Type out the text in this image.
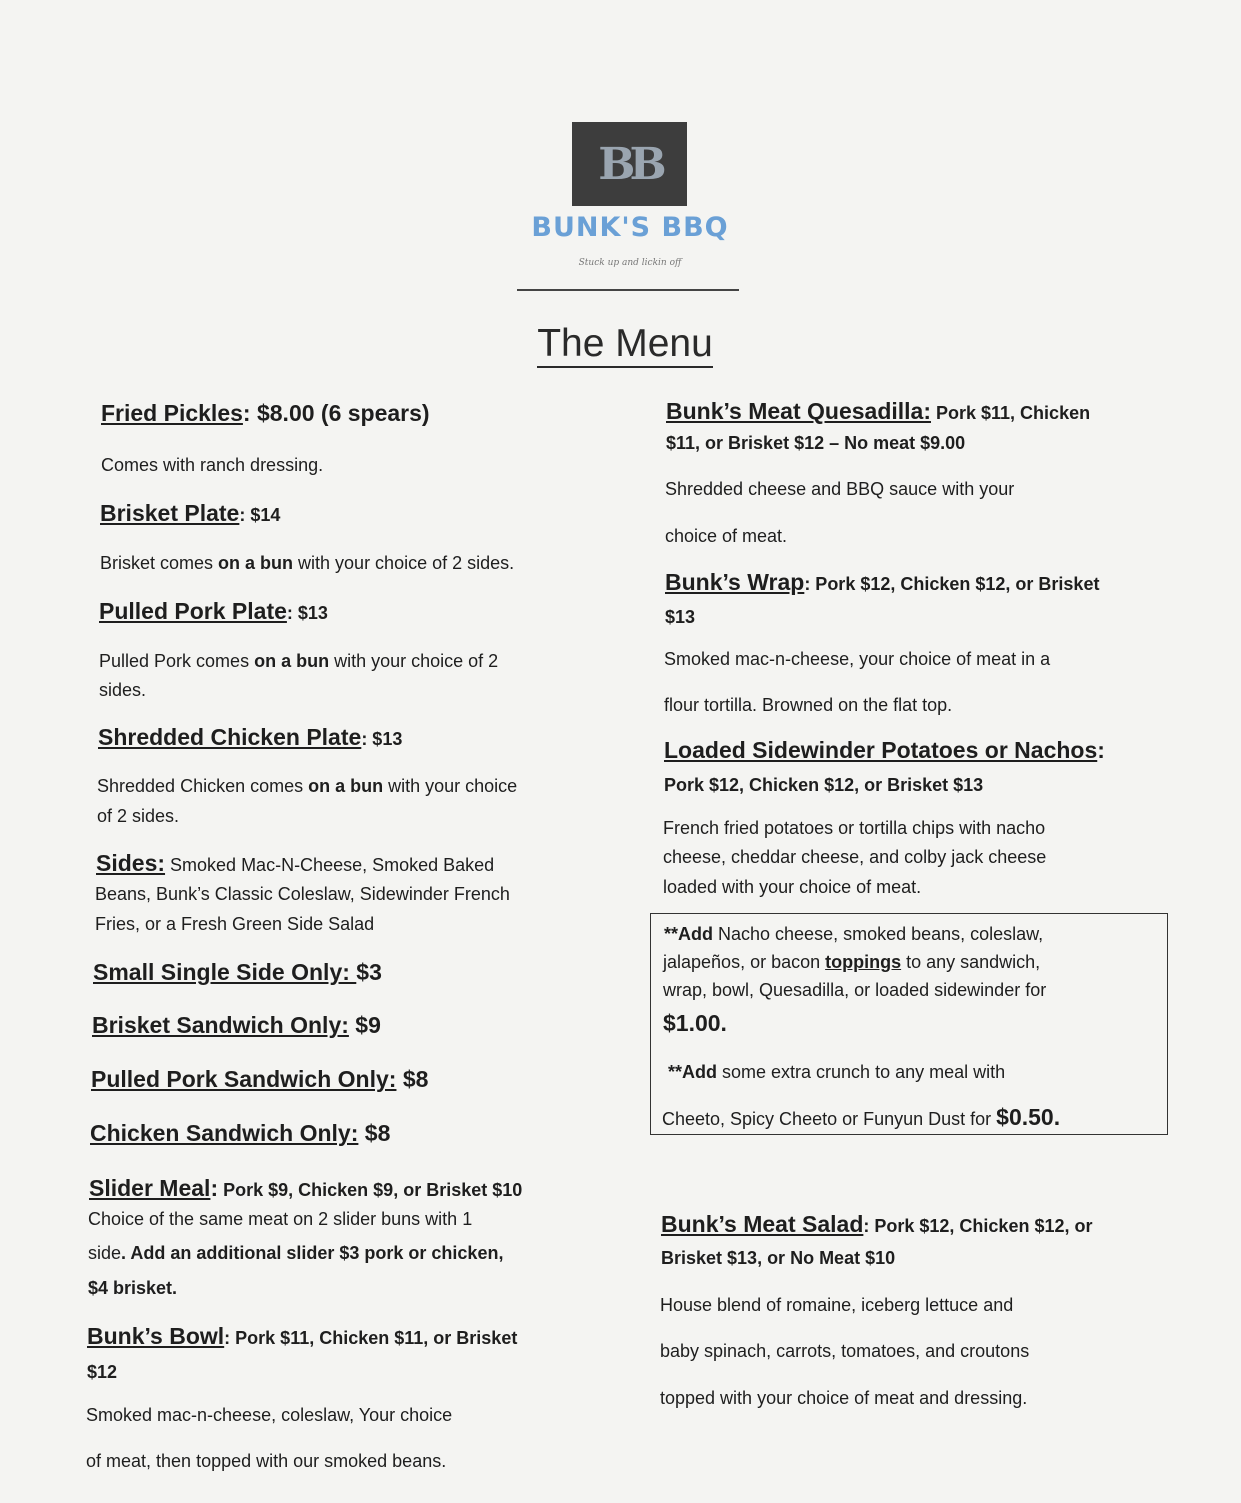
BB
BUNK'S BBQ
Stuck up and lickin off
The Menu
Fried Pickles: $8.00 (6 spears)
Comes with ranch dressing.
Brisket Plate: $14
Brisket comes on a bun with your choice of 2 sides.
Pulled Pork Plate: $13
Pulled Pork comes on a bun with your choice of 2
sides.
Shredded Chicken Plate: $13
Shredded Chicken comes on a bun with your choice
of 2 sides.
Sides: Smoked Mac-N-Cheese, Smoked Baked
Beans, Bunk’s Classic Coleslaw, Sidewinder French
Fries, or a Fresh Green Side Salad
Small Single Side Only: $3
Brisket Sandwich Only: $9
Pulled Pork Sandwich Only: $8
Chicken Sandwich Only: $8
Slider Meal: Pork $9, Chicken $9, or Brisket $10
Choice of the same meat on 2 slider buns with 1
side. Add an additional slider $3 pork or chicken,
$4 brisket.
Bunk’s Bowl: Pork $11, Chicken $11, or Brisket
$12
Smoked mac-n-cheese, coleslaw, Your choice
of meat, then topped with our smoked beans.
Bunk’s Meat Quesadilla: Pork $11, Chicken
$11, or Brisket $12 – No meat $9.00
Shredded cheese and BBQ sauce with your
choice of meat.
Bunk’s Wrap: Pork $12, Chicken $12, or Brisket
$13
Smoked mac-n-cheese, your choice of meat in a
flour tortilla. Browned on the flat top.
Loaded Sidewinder Potatoes or Nachos:
Pork $12, Chicken $12, or Brisket $13
French fried potatoes or tortilla chips with nacho
cheese, cheddar cheese, and colby jack cheese
loaded with your choice of meat.
**Add Nacho cheese, smoked beans, coleslaw,
jalapeños, or bacon toppings to any sandwich,
wrap, bowl, Quesadilla, or loaded sidewinder for
$1.00.
**Add some extra crunch to any meal with
Cheeto, Spicy Cheeto or Funyun Dust for $0.50.
Bunk’s Meat Salad: Pork $12, Chicken $12, or
Brisket $13, or No Meat $10
House blend of romaine, iceberg lettuce and
baby spinach, carrots, tomatoes, and croutons
topped with your choice of meat and dressing.
